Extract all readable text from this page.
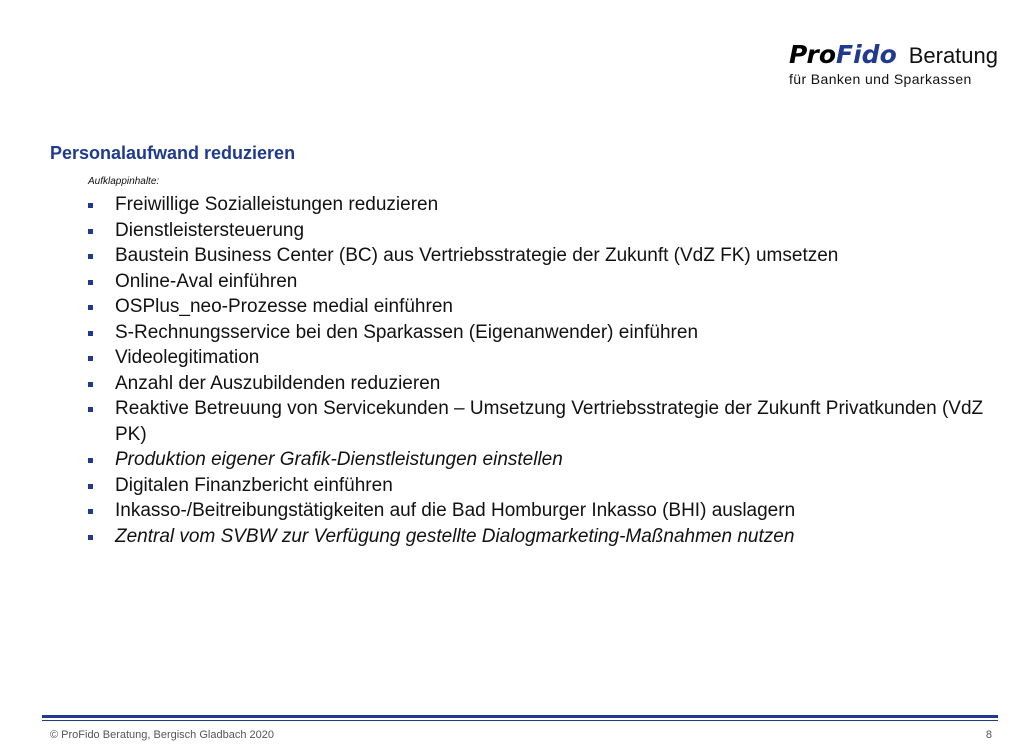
ProFido Beratung
für Banken und Sparkassen
Personalaufwand reduzieren
Aufklappinhalte:
Freiwillige Sozialleistungen reduzieren
Dienstleistersteuerung
Baustein Business Center (BC) aus Vertriebsstrategie der Zukunft (VdZ FK) umsetzen
Online-Aval einführen
OSPlus_neo-Prozesse medial einführen
S-Rechnungsservice bei den Sparkassen (Eigenanwender) einführen
Videolegitimation
Anzahl der Auszubildenden reduzieren
Reaktive Betreuung von Servicekunden – Umsetzung Vertriebsstrategie der Zukunft Privatkunden (VdZ PK)
Produktion eigener Grafik-Dienstleistungen einstellen
Digitalen Finanzbericht einführen
Inkasso-/Beitreibungstätigkeiten auf die Bad Homburger Inkasso (BHI) auslagern
Zentral vom SVBW zur Verfügung gestellte Dialogmarketing-Maßnahmen nutzen
© ProFido Beratung, Bergisch Gladbach 2020	8
